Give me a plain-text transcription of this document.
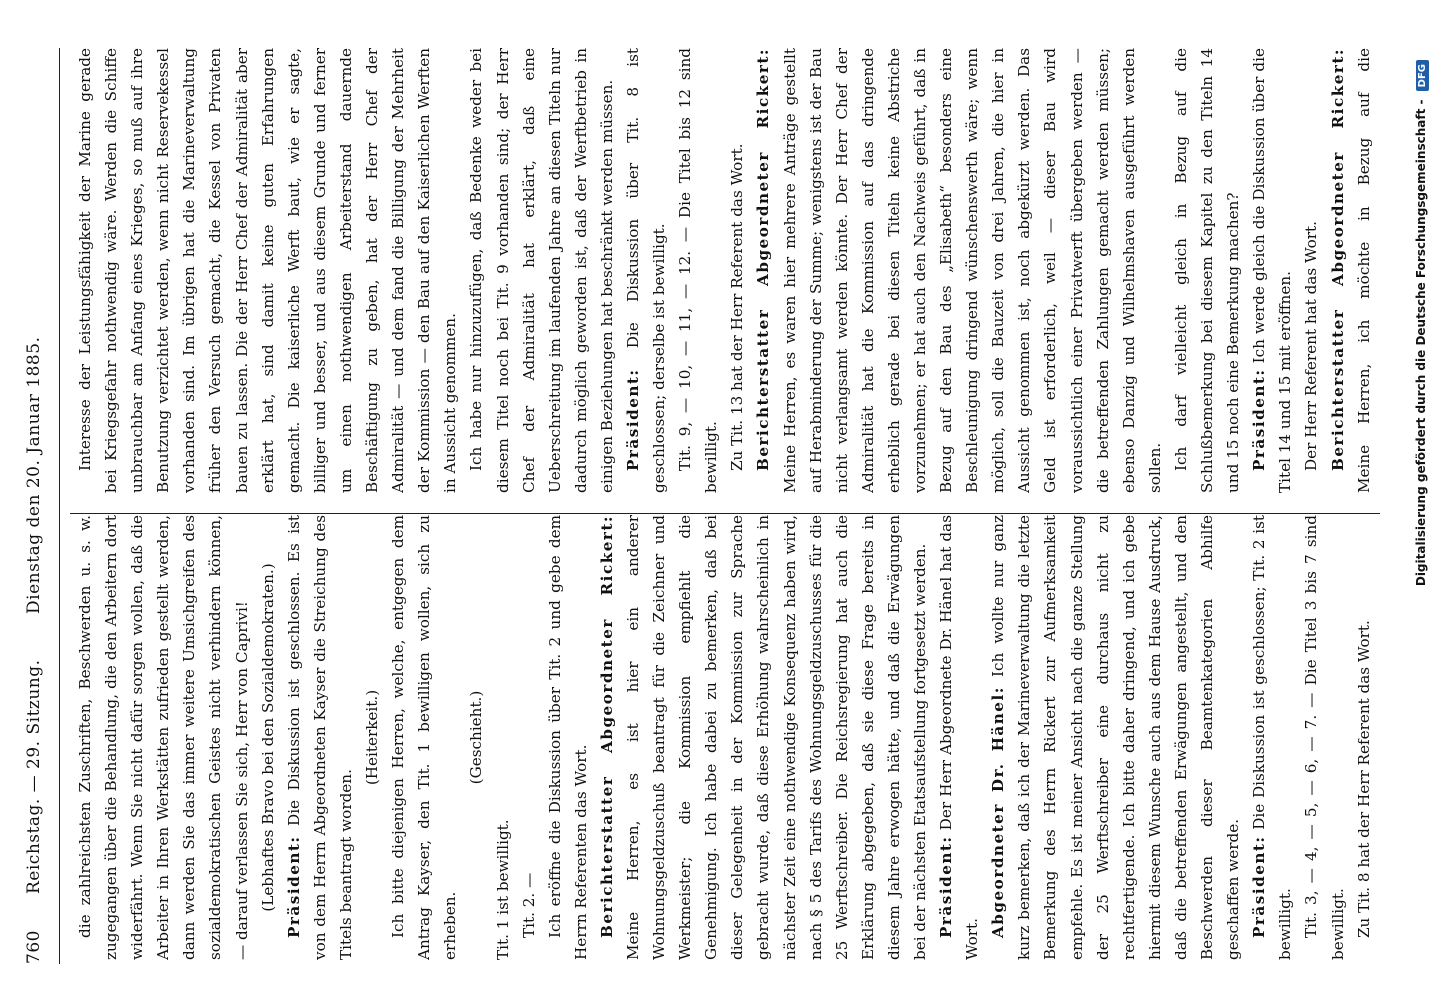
760
Reichstag. — 29. Sitzung.
Dienstag den 20. Januar 1885.

die zahlreichsten Zuschriften, Beschwerden u. s. w. zugegangen über die Behandlung, die den Arbeitern dort widerfährt. Wenn Sie nicht dafür sorgen wollen, daß die Arbeiter in Ihren Werkstätten zufrieden gestellt werden, dann werden Sie das immer weitere Umsichgreifen des sozialdemokratischen Geistes nicht verhindern können, — darauf verlassen Sie sich, Herr von Caprivi! (Lebhaftes Bravo bei den Sozialdemokraten.) Präsident: Die Diskussion ist geschlossen. Es ist von dem Herrn Abgeordneten Kayser die Streichung des Titels beantragt worden.

(Heiterkeit.) Ich bitte diejenigen Herren, welche, entgegen dem Antrag Kayser, den Tit. 1 bewilligen wollen, sich zu erheben.

(Geschieht.)

Tit. 1 ist bewilligt. Tit. 2. — Ich eröffne die Diskussion über Tit. 2 und gebe dem Herrn Referenten das Wort. Berichterstatter Abgeordneter Rickert: Meine Herren, es ist hier ein anderer Wohnungsgeldzuschuß beantragt für die Zeichner und Werkmeister; die Kommission empfiehlt die Genehmigung. Ich habe dabei zu bemerken, daß bei dieser Gelegenheit in der Kommission zur Sprache gebracht wurde, daß diese Erhöhung wahrscheinlich in nächster Zeit eine nothwendige Konsequenz haben wird, nach § 5 des Tarifs des Wohnungsgeldzuschusses für die 25 Werftschreiber. Die Reichsregierung hat auch die Erklärung abgegeben, daß sie diese Frage bereits in diesem Jahre erwogen hätte, und daß die Erwägungen bei der nächsten Etatsaufstellung fortgesetzt werden. Präsident: Der Herr Abgeordnete Dr. Hänel hat das Wort.

Abgeordneter Dr. Hänel: Ich wollte nur ganz kurz bemerken, daß ich der Marineverwaltung die letzte Bemerkung des Herrn Rickert zur Aufmerksamkeit empfehle. Es ist meiner Ansicht nach die ganze Stellung der 25 Werftschreiber eine durchaus nicht zu rechtfertigende. Ich bitte daher dringend, und ich gebe hiermit diesem Wunsche auch aus dem Hause Ausdruck, daß die betreffenden Erwägungen angestellt, und den Beschwerden dieser Beamtenkategorien Abhilfe geschaffen werde. Präsident: Die Diskussion ist geschlossen; Tit. 2 ist bewilligt. Tit. 3, — 4, — 5, — 6, — 7. — Die Titel 3 bis 7 sind bewilligt. Zu Tit. 8 hat der Herr Referent das Wort.

Interesse der Leistungsfähigkeit der Marine gerade bei Kriegsgefahr nothwendig wäre. Werden die Schiffe unbrauchbar am Anfang eines Krieges, so muß auf ihre Benutzung verzichtet werden, wenn nicht Reservekessel vorhanden sind. Im übrigen hat die Marineverwaltung früher den Versuch gemacht, die Kessel von Privaten bauen zu lassen. Die der Herr Chef der Admiralität aber erklärt hat, sind damit keine guten Erfahrungen gemacht. Die kaiserliche Werft baut, wie er sagte, billiger und besser, und aus diesem Grunde und ferner um einen nothwendigen Arbeiterstand dauernde Beschäftigung zu geben, hat der Herr Chef der Admiralität — und dem fand die Billigung der Mehrheit der Kommission — den Bau auf den Kaiserlichen Werften in Aussicht genommen. Ich habe nur hinzuzufügen, daß Bedenke weder bei diesem Titel noch bei Tit. 9 vorhanden sind; der Herr Chef der Admiralität hat erklärt, daß eine Ueberschreitung im laufenden Jahre an diesen Titeln nur dadurch möglich geworden ist, daß der Werftbetrieb in einigen Beziehungen hat beschränkt werden müssen. Präsident: Die Diskussion über Tit. 8 ist geschlossen; derselbe ist bewilligt. Tit. 9, — 10, — 11, — 12. — Die Titel bis 12 sind bewilligt. Zu Tit. 13 hat der Herr Referent das Wort. Berichterstatter Abgeordneter Rickert: Meine Herren, es waren hier mehrere Anträge gestellt auf Herabminderung der Summe; wenigstens ist der Bau nicht verlangsamt werden könnte. Der Herr Chef der Admiralität hat die Kommission auf das dringende erheblich gerade bei diesen Titeln keine Abstriche vorzunehmen; er hat auch den Nachweis geführt, daß in Bezug auf den Bau des „Elisabeth“ besonders eine Beschleunigung dringend wünschenswerth wäre; wenn möglich, soll die Bauzeit von drei Jahren, die hier in Aussicht genommen ist, noch abgekürzt werden. Das Geld ist erforderlich, weil — dieser Bau wird voraussichtlich einer Privatwerft übergeben werden — die betreffenden Zahlungen gemacht werden müssen; ebenso Danzig und Wilhelmshaven ausgeführt werden sollen. Ich darf vielleicht gleich in Bezug auf die Schlußbemerkung bei diesem Kapitel zu den Titeln 14 und 15 noch eine Bemerkung machen? Präsident: Ich werde gleich die Diskussion über die Titel 14 und 15 mit eröffnen. Der Herr Referent hat das Wort. Berichterstatter Abgeordneter Rickert: Meine Herren, ich möchte in Bezug auf die

Digitalisierung gefördert durch die Deutsche Forschungsgemeinschaft - DFG
